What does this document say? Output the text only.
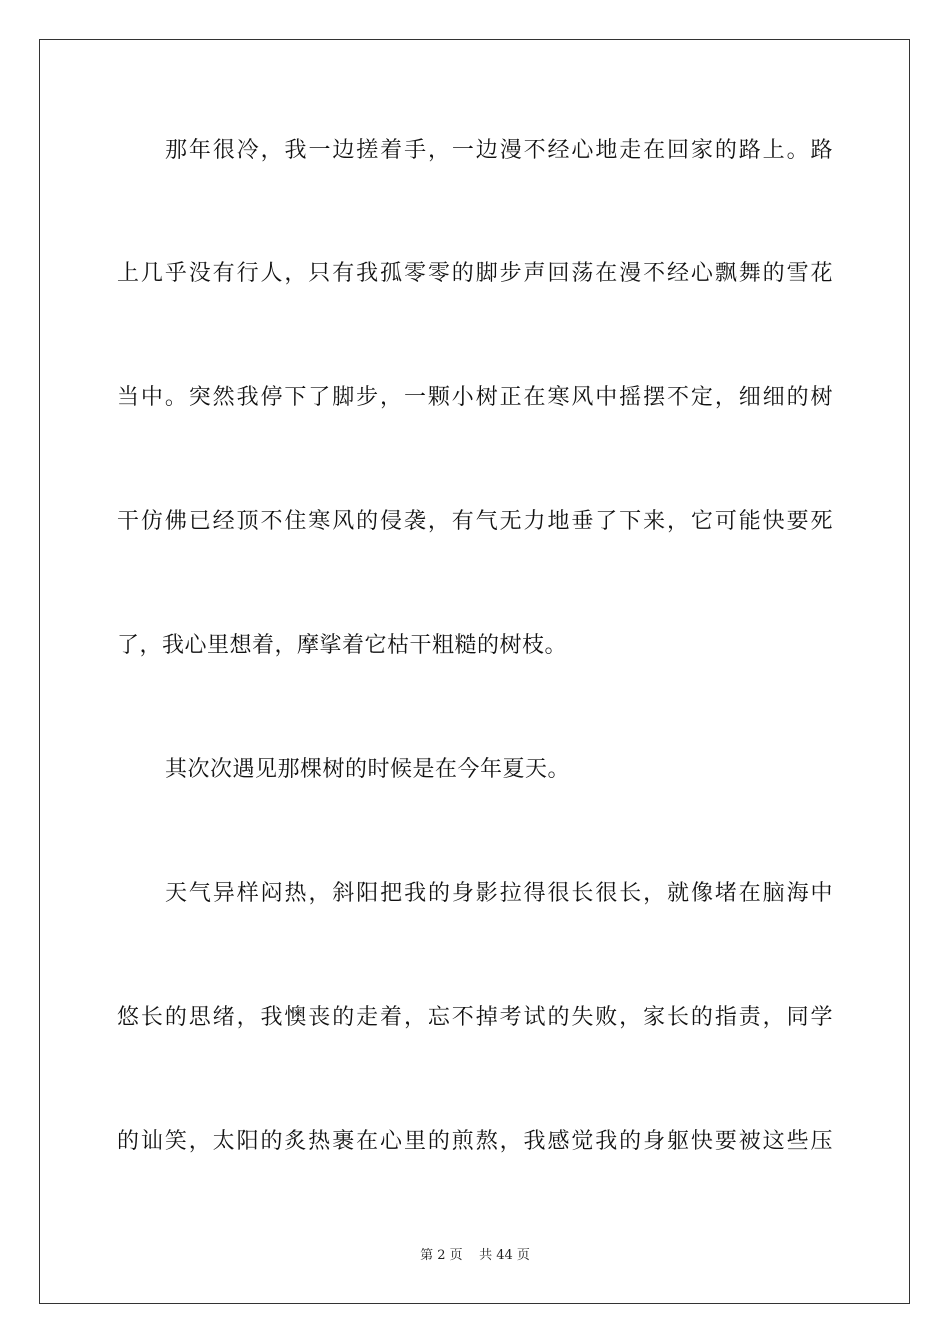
那年很冷，我一边搓着手，一边漫不经心地走在回家的路上。路

上几乎没有行人，只有我孤零零的脚步声回荡在漫不经心飘舞的雪花

当中。突然我停下了脚步，一颗小树正在寒风中摇摆不定，细细的树

干仿佛已经顶不住寒风的侵袭，有气无力地垂了下来，它可能快要死

了，我心里想着，摩挲着它枯干粗糙的树枝。

其次次遇见那棵树的时候是在今年夏天。

天气异样闷热，斜阳把我的身影拉得很长很长，就像堵在脑海中

悠长的思绪，我懊丧的走着，忘不掉考试的失败，家长的指责，同学

的讪笑，太阳的炙热裹在心里的煎熬，我感觉我的身躯快要被这些压

第 2 页    共 44 页
